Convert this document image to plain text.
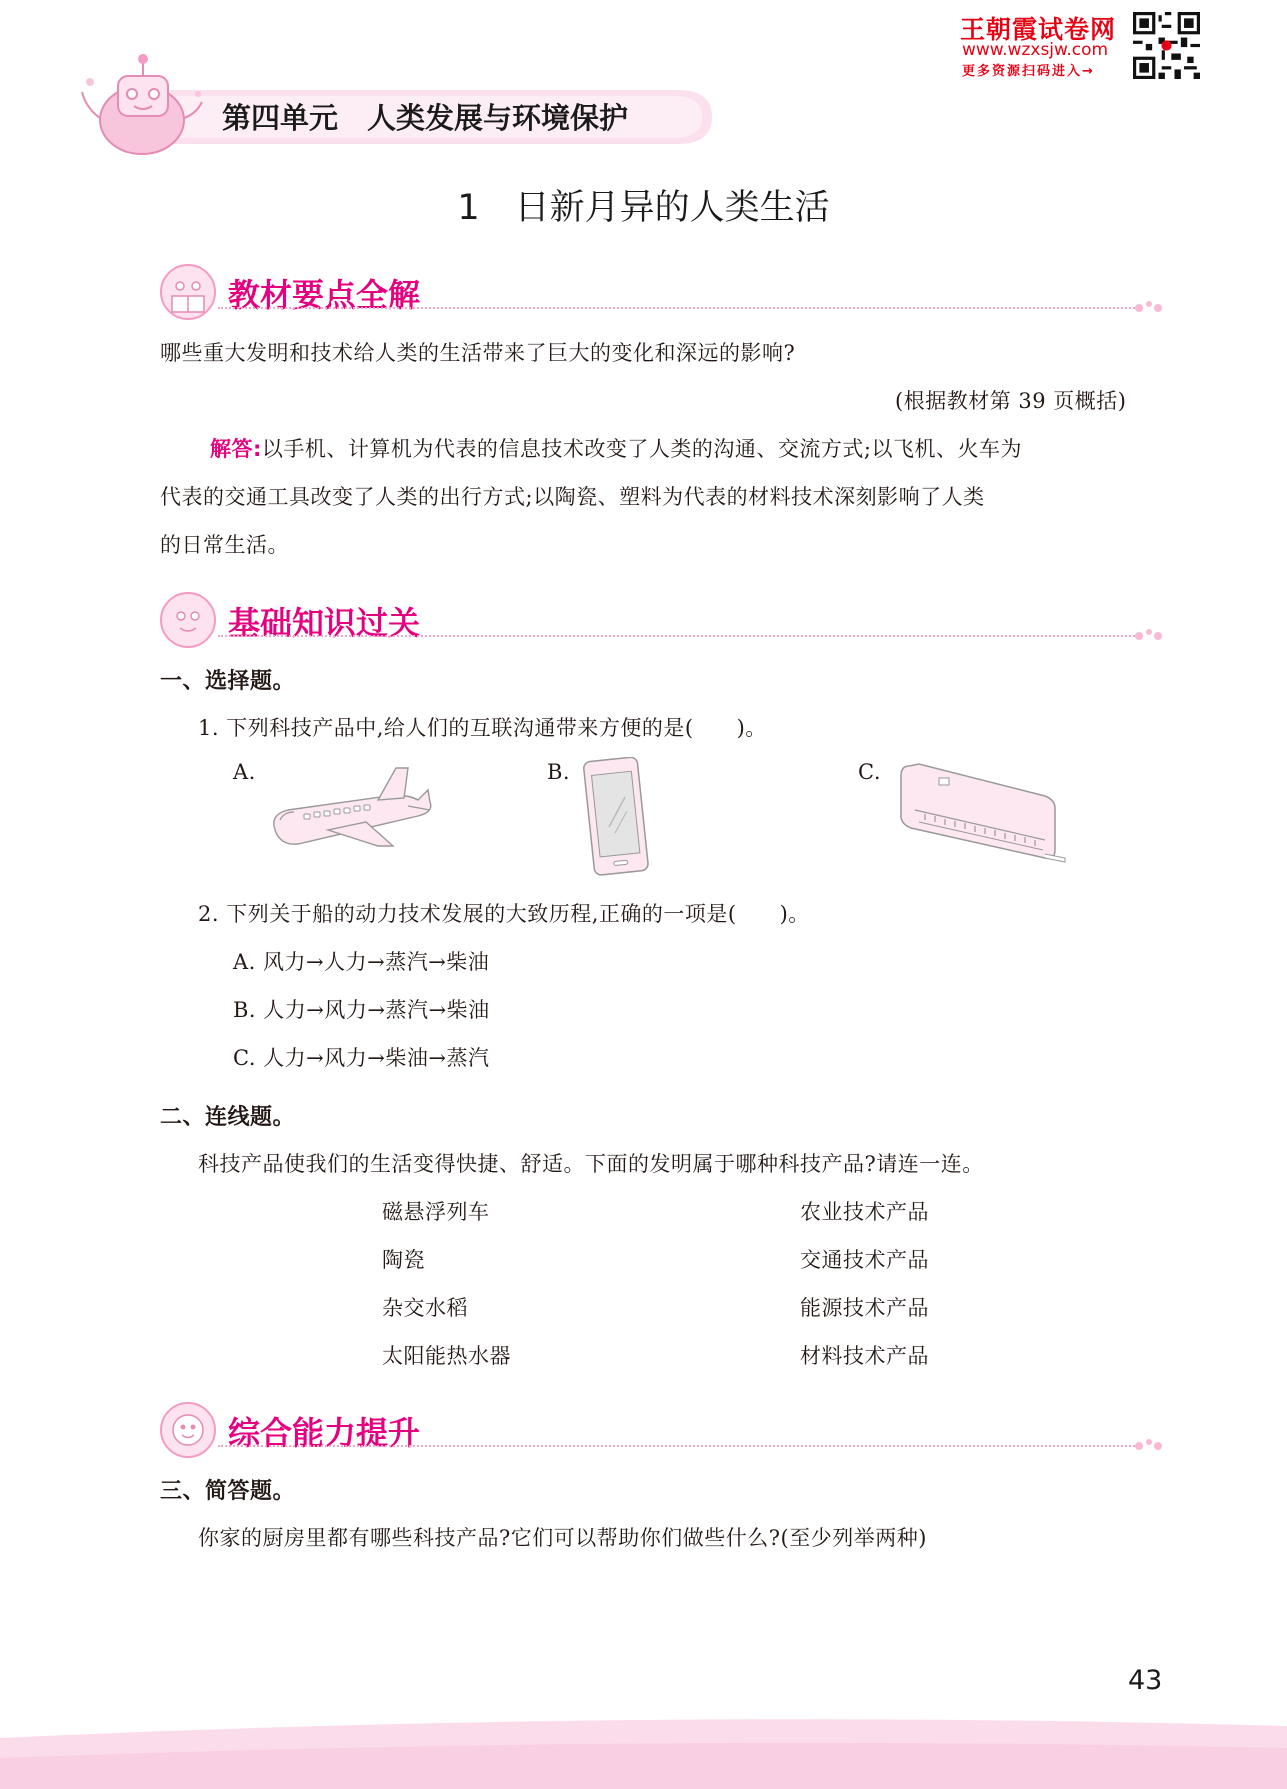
王朝霞试卷网
www.wzxsjw.com
更多资源扫码进入→
第四单元　人类发展与环境保护
1　日新月异的人类生活
教材要点全解
哪些重大发明和技术给人类的生活带来了巨大的变化和深远的影响?
(根据教材第 39 页概括)
解答:以手机、计算机为代表的信息技术改变了人类的沟通、交流方式;以飞机、火车为
代表的交通工具改变了人类的出行方式;以陶瓷、塑料为代表的材料技术深刻影响了人类
的日常生活。
基础知识过关
一、选择题。
1. 下列科技产品中,给人们的互联沟通带来方便的是(　　)。
A.	B.	C.
2. 下列关于船的动力技术发展的大致历程,正确的一项是(　　)。
A. 风力→人力→蒸汽→柴油
B. 人力→风力→蒸汽→柴油
C. 人力→风力→柴油→蒸汽
二、连线题。
科技产品使我们的生活变得快捷、舒适。下面的发明属于哪种科技产品?请连一连。
磁悬浮列车
陶瓷
杂交水稻
太阳能热水器
农业技术产品
交通技术产品
能源技术产品
材料技术产品
综合能力提升
三、简答题。
你家的厨房里都有哪些科技产品?它们可以帮助你们做些什么?(至少列举两种)
43
